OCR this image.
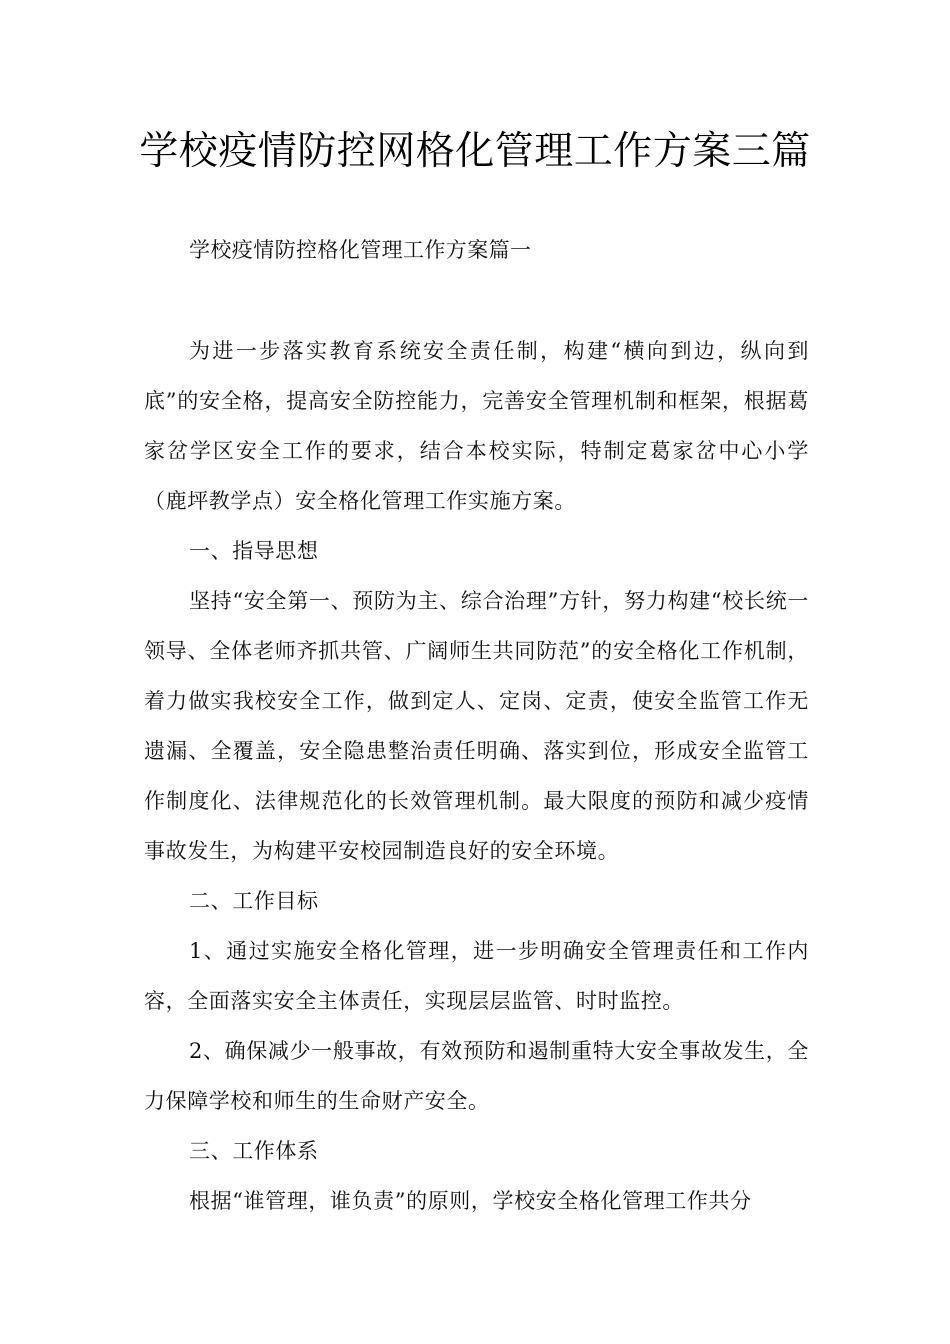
学校疫情防控网格化管理工作方案三篇
学校疫情防控格化管理工作方案篇一

为进一步落实教育系统安全责任制，构建“横向到边，纵向到底”的安全格，提高安全防控能力，完善安全管理机制和框架，根据葛家岔学区安全工作的要求，结合本校实际，特制定葛家岔中心小学（鹿坪教学点）安全格化管理工作实施方案。

一、指导思想

坚持“安全第一、预防为主、综合治理”方针，努力构建“校长统一领导、全体老师齐抓共管、广阔师生共同防范”的安全格化工作机制，着力做实我校安全工作，做到定人、定岗、定责，使安全监管工作无遗漏、全覆盖，安全隐患整治责任明确、落实到位，形成安全监管工作制度化、法律规范化的长效管理机制。最大限度的预防和减少疫情事故发生，为构建平安校园制造良好的安全环境。

二、工作目标

1、通过实施安全格化管理，进一步明确安全管理责任和工作内容，全面落实安全主体责任，实现层层监管、时时监控。

2、确保减少一般事故，有效预防和遏制重特大安全事故发生，全力保障学校和师生的生命财产安全。

三、工作体系

根据“谁管理，谁负责”的原则，学校安全格化管理工作共分
